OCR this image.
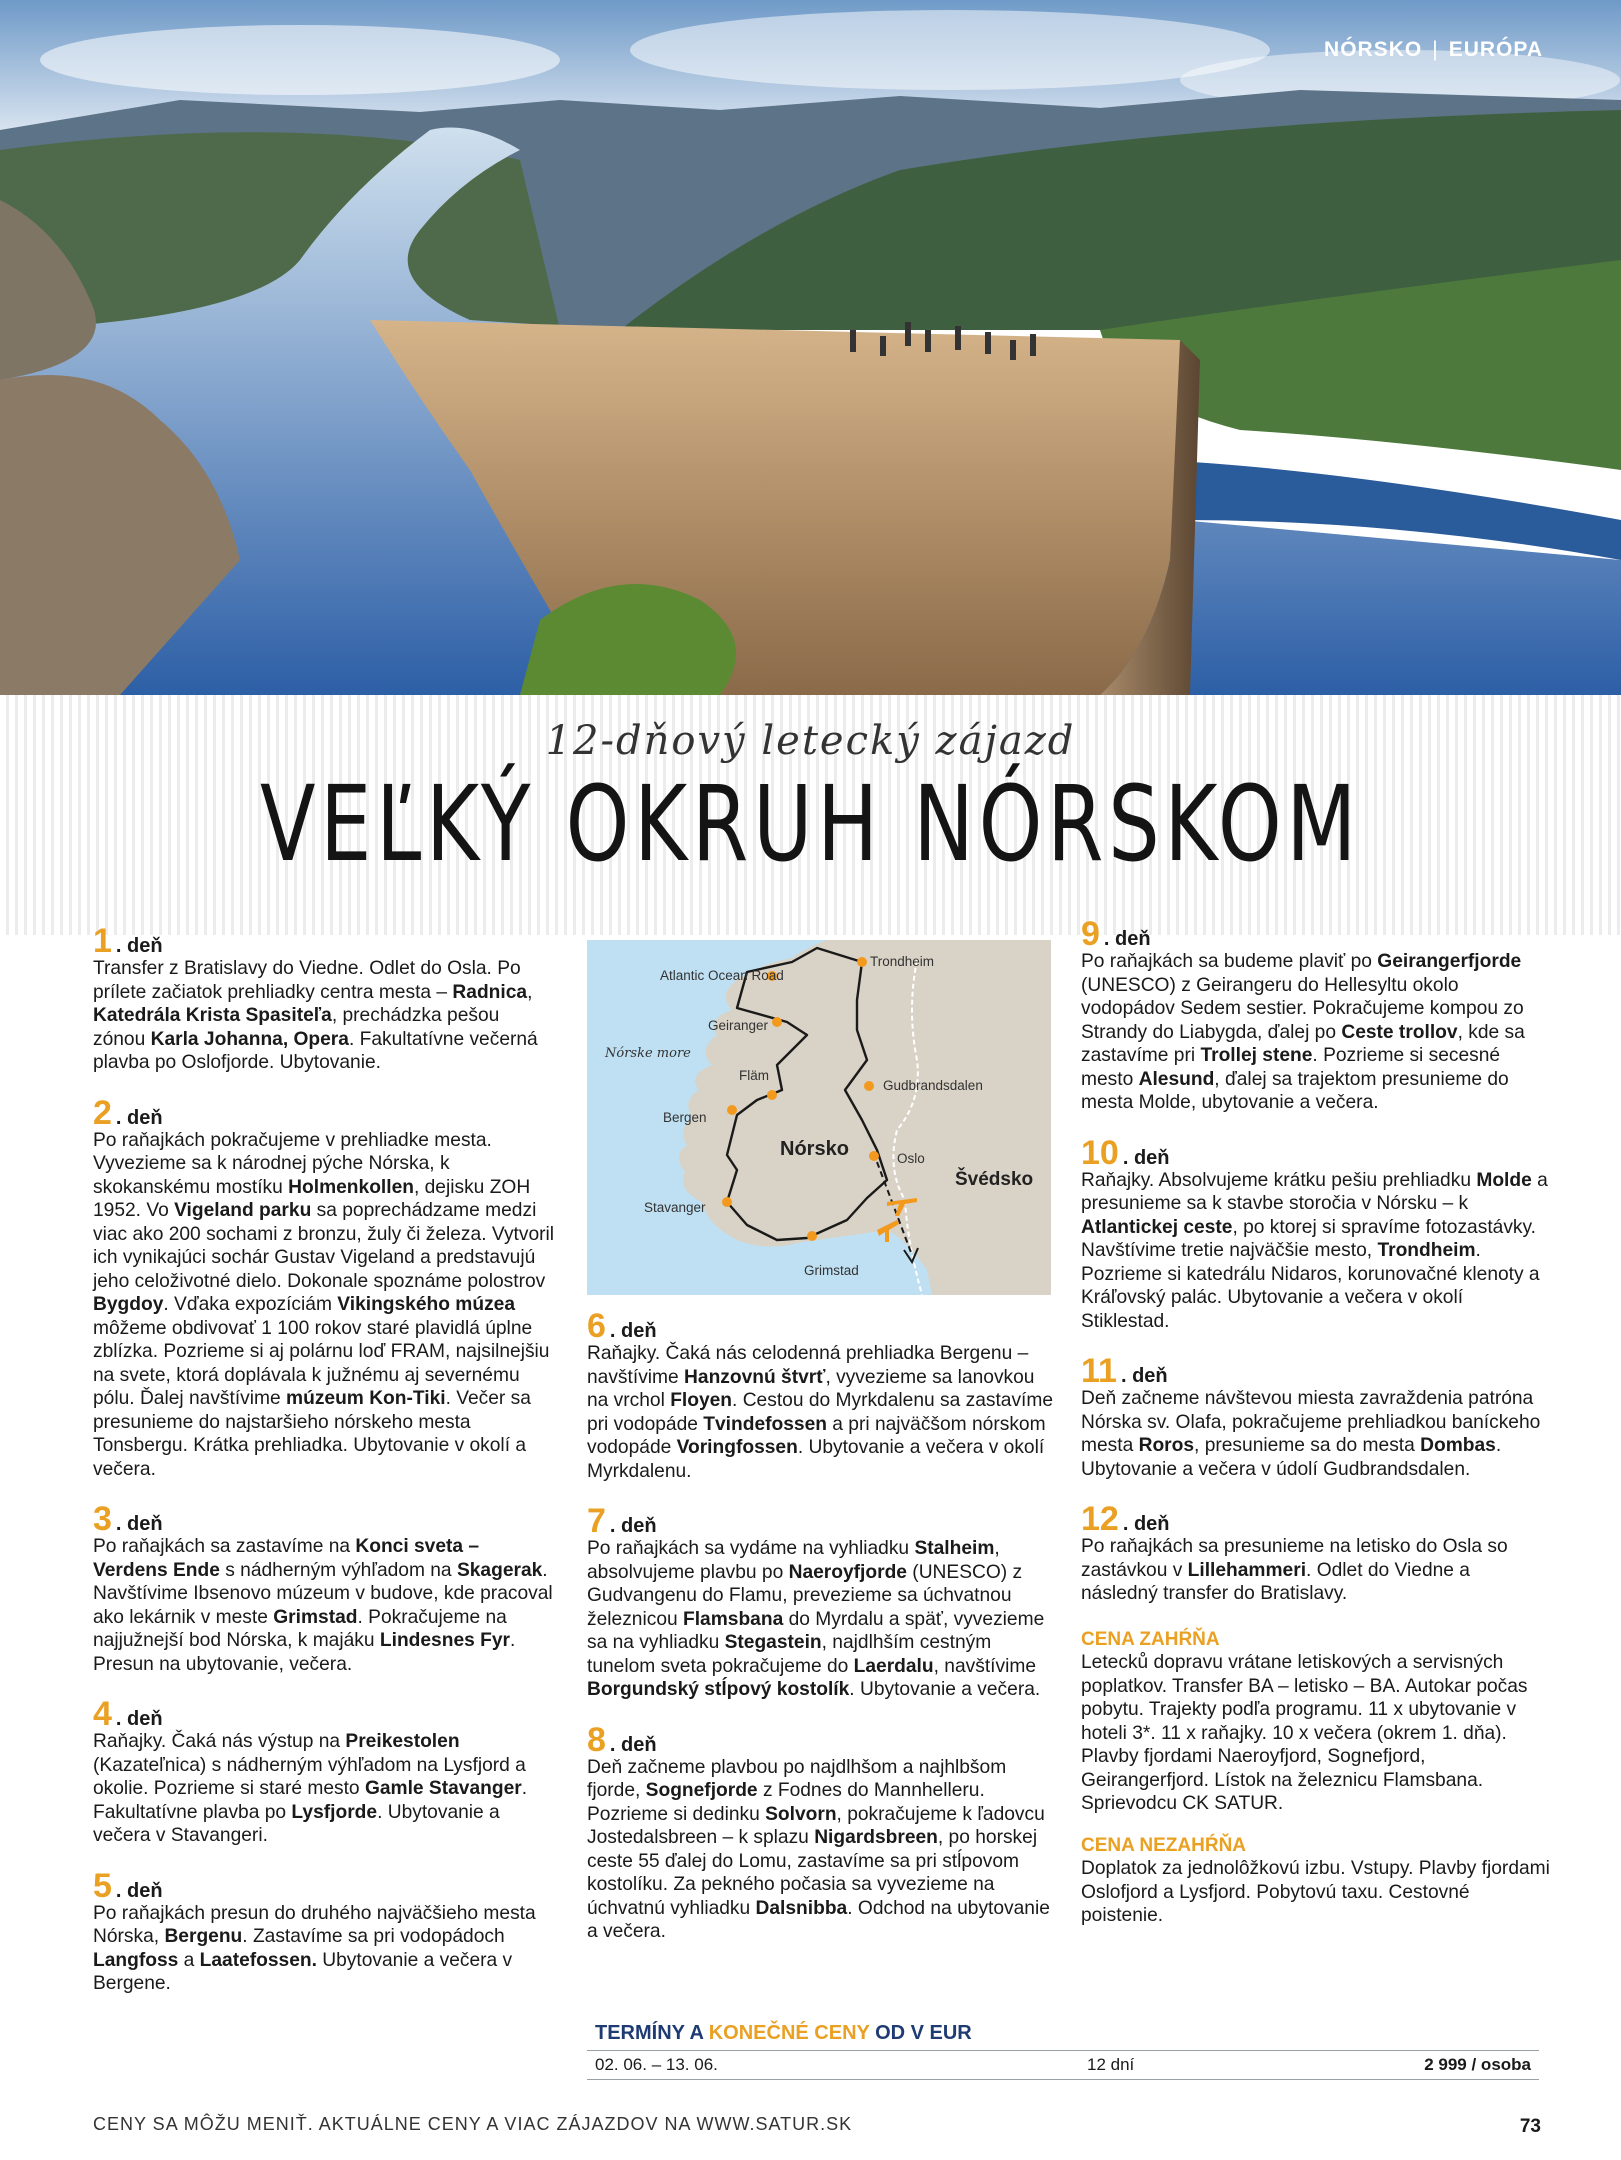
NÓRSKO | EURÓPA
12-dňový letecký zájazd
VEĽKÝ OKRUH NÓRSKOM
1 . deň
Transfer z Bratislavy do Viedne. Odlet do Osla. Po prílete začiatok prehliadky centra mesta – Radnica, Katedrála Krista Spasiteľa, prechádzka pešou zónou Karla Johanna, Opera. Fakultatívne večerná plavba po Oslofjorde. Ubytovanie.
2 . deň
Po raňajkách pokračujeme v prehliadke mesta. Vyvezieme sa k národnej pýche Nórska, k skokanskému mostíku Holmenkollen, dejisku ZOH 1952. Vo Vigeland parku sa poprechádzame medzi viac ako 200 sochami z bronzu, žuly či železa. Vytvoril ich vynikajúci sochár Gustav Vigeland a predstavujú jeho celoživotné dielo. Dokonale spoznáme polostrov Bygdoy. Vďaka expozíciám Vikingského múzea môžeme obdivovať 1 100 rokov staré plavidlá úplne zblízka. Pozrieme si aj polárnu loď FRAM, najsilnejšiu na svete, ktorá doplávala k južnému aj severnému pólu. Ďalej navštívime múzeum Kon-Tiki. Večer sa presunieme do najstaršieho nórskeho mesta Tonsbergu. Krátka prehliadka. Ubytovanie v okolí a večera.
3 . deň
Po raňajkách sa zastavíme na Konci sveta – Verdens Ende s nádherným výhľadom na Skagerak. Navštívime Ibsenovo múzeum v budove, kde pracoval ako lekárnik v meste Grimstad. Pokračujeme na najjužnejší bod Nórska, k majáku Lindesnes Fyr. Presun na ubytovanie, večera.
4 . deň
Raňajky. Čaká nás výstup na Preikestolen (Kazateľnica) s nádherným výhľadom na Lysfjord a okolie. Pozrieme si staré mesto Gamle Stavanger. Fakultatívne plavba po Lysfjorde. Ubytovanie a večera v Stavangeri.
5 . deň
Po raňajkách presun do druhého najväčšieho mesta Nórska, Bergenu. Zastavíme sa pri vodopádoch Langfoss a Laatefossen. Ubytovanie a večera v Bergene.
Atlantic Ocean Road
Trondheim
Geiranger
Nórske more
Fläm
Gudbrandsdalen
Bergen
Nórsko	Oslo
Švédsko
Stavanger
Grimstad
6 . deň
Raňajky. Čaká nás celodenná prehliadka Bergenu – navštívime Hanzovnú štvrť, vyvezieme sa lanovkou na vrchol Floyen. Cestou do Myrkdalenu sa zastavíme pri vodopáde Tvindefossen a pri najväčšom nórskom vodopáde Voringfossen. Ubytovanie a večera v okolí Myrkdalenu.
7 . deň
Po raňajkách sa vydáme na vyhliadku Stalheim, absolvujeme plavbu po Naeroyfjorde (UNESCO) z Gudvangenu do Flamu, prevezieme sa úchvatnou železnicou Flamsbana do Myrdalu a späť, vyvezieme sa na vyhliadku Stegastein, najdlhším cestným tunelom sveta pokračujeme do Laerdalu, navštívime Borgundský stĺpový kostolík. Ubytovanie a večera.
8 . deň
Deň začneme plavbou po najdlhšom a najhlbšom fjorde, Sognefjorde z Fodnes do Mannhelleru. Pozrieme si dedinku Solvorn, pokračujeme k ľadovcu Jostedalsbreen – k splazu Nigardsbreen, po horskej ceste 55 ďalej do Lomu, zastavíme sa pri stĺpovom kostolíku. Za pekného počasia sa vyvezieme na úchvatnú vyhliadku Dalsnibba. Odchod na ubytovanie a večera.
9 . deň
Po raňajkách sa budeme plaviť po Geirangerfjorde (UNESCO) z Geirangeru do Hellesyltu okolo vodopádov Sedem sestier. Pokračujeme kompou zo Strandy do Liabygda, ďalej po Ceste trollov, kde sa zastavíme pri Trollej stene. Pozrieme si secesné mesto Alesund, ďalej sa trajektom presunieme do mesta Molde, ubytovanie a večera.
10 . deň
Raňajky. Absolvujeme krátku pešiu prehliadku Molde a presunieme sa k stavbe storočia v Nórsku – k Atlantickej ceste, po ktorej si spravíme fotozastávky. Navštívime tretie najväčšie mesto, Trondheim. Pozrieme si katedrálu Nidaros, korunovačné klenoty a Kráľovský palác. Ubytovanie a večera v okolí Stiklestad.
11 . deň
Deň začneme návštevou miesta zavraždenia patróna Nórska sv. Olafa, pokračujeme prehliadkou baníckeho mesta Roros, presunieme sa do mesta Dombas. Ubytovanie a večera v údolí Gudbrandsdalen.
12 . deň
Po raňajkách sa presunieme na letisko do Osla so zastávkou v Lillehammeri. Odlet do Viedne a následný transfer do Bratislavy.
CENA ZAHŔŇA
Letecků dopravu vrátane letiskových a servisných poplatkov. Transfer BA – letisko – BA. Autokar počas pobytu. Trajekty podľa programu. 11 x ubytovanie v hoteli 3*. 11 x raňajky. 10 x večera (okrem 1. dňa). Plavby fjordami Naeroyfjord, Sognefjord, Geirangerfjord. Lístok na železnicu Flamsbana. Sprievodcu CK SATUR.
CENA NEZAHŔŇA
Doplatok za jednolôžkovú izbu. Vstupy. Plavby fjordami Oslofjord a Lysfjord. Pobytovú taxu. Cestovné poistenie.
TERMÍNY A KONEČNÉ CENY OD V EUR
02. 06. – 13. 06.	12 dní	2 999 / osoba
CENY SA MÔŽU MENIŤ. AKTUÁLNE CENY A VIAC ZÁJAZDOV NA WWW.SATUR.SK	73
